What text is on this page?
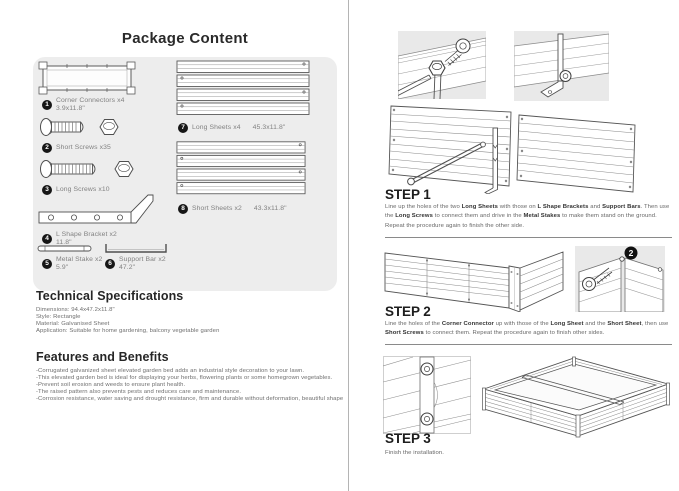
Package Content
1
Corner Connectors x4
3.9x11.8"
2	Short Screws x35
3	Long Screws x10
4
L Shape Bracket x2
11.8"
5
Metal Stake x2
5.9"
6
Support Bar x2
47.2"
7	Long Sheets x4 45.3x11.8"
8	Short Sheets x2 43.3x11.8"
Technical Specifications

Dimensions: 94.4x47.2x11.8"

Style: Rectangle

Material: Galvanised Sheet

Application: Suitable for home gardening, balcony vegetable garden

Features and Benefits

-Corrugated galvanized sheet elevated garden bed adds an industrial style decoration to your lawn.

-This elevated garden bed is ideal for displaying your herbs, flowering plants or some homegrown vegetables.

-Prevent soil erosion and weeds to ensure plant health.

-The raised pattern also prevents pests and reduces care and maintenance.

-Corrosion resistance, water saving and drought resistance, firm and durable without deformation, beautiful shape

STEP 1

Line up the holes of the two Long Sheets with those on L Shape Brackets and Support Bars. Then use the Long Screws to connect them and drive in the Metal Stakes to make them stand on the ground. Repeat the procedure again to finish the other side.

2
STEP 2

Line the holes of the Corner Connector up with those of the Long Sheet and the Short Sheet, then use Short Screws to connect them. Repeat the procedure again to finish other sides.

STEP 3

Finish the installation.
